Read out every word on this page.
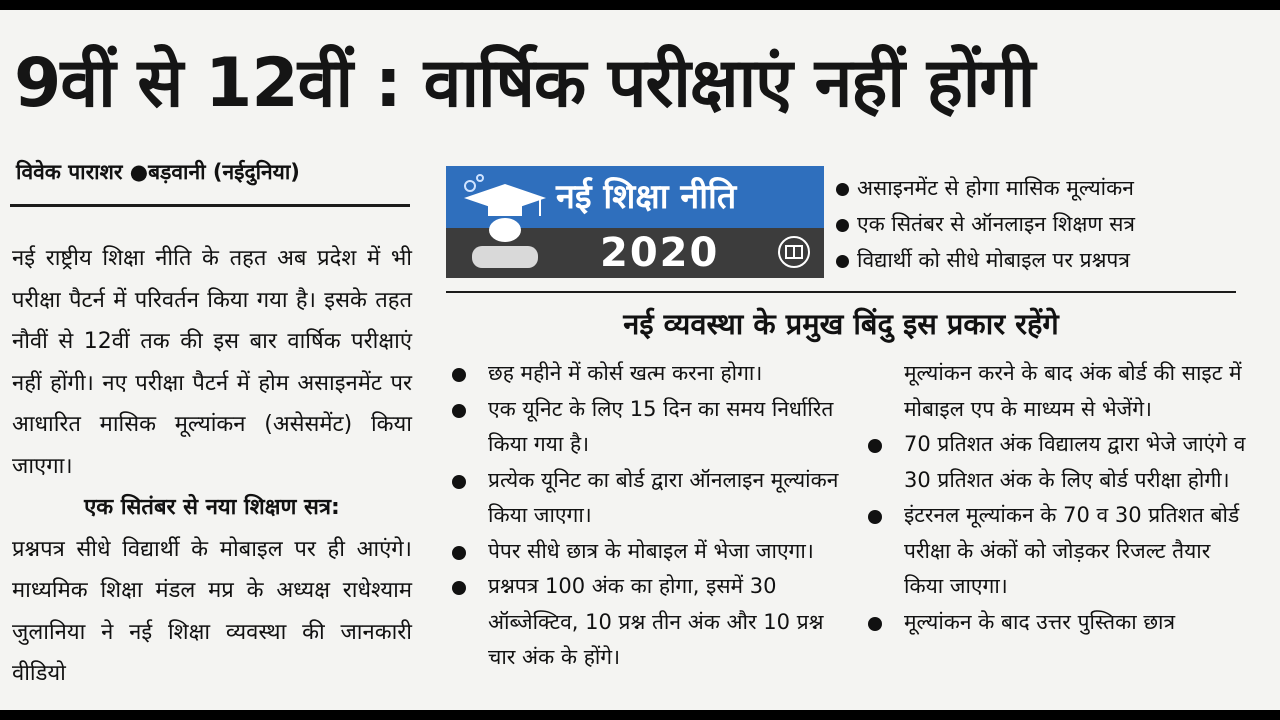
9वीं से 12वीं : वार्षिक परीक्षाएं नहीं होंगी
विवेक पाराशर ●बड़वानी (नईदुनिया)

नई राष्ट्रीय शिक्षा नीति के तहत अब प्रदेश में भी परीक्षा पैटर्न में परिवर्तन किया गया है। इसके तहत नौवीं से 12वीं तक की इस बार वार्षिक परीक्षाएं नहीं होंगी। नए परीक्षा पैटर्न में होम असाइनमेंट पर आधारित मासिक मूल्यांकन (असेसमेंट) किया जाएगा।

एक सितंबर से नया शिक्षण सत्र:

प्रश्नपत्र सीधे विद्यार्थी के मोबाइल पर ही आएंगे। माध्यमिक शिक्षा मंडल मप्र के अध्यक्ष राधेश्याम जुलानिया ने नई शिक्षा व्यवस्था की जानकारी वीडियो

नई शिक्षा नीति
2020
असाइनमेंट से होगा मासिक मूल्यांकन
एक सितंबर से ऑनलाइन शिक्षण सत्र
विद्यार्थी को सीधे मोबाइल पर प्रश्नपत्र
नई व्यवस्था के प्रमुख बिंदु इस प्रकार रहेंगे
छह महीने में कोर्स खत्म करना होगा।
एक यूनिट के लिए 15 दिन का समय निर्धारित किया गया है।
प्रत्येक यूनिट का बोर्ड द्वारा ऑनलाइन मूल्यांकन किया जाएगा।
पेपर सीधे छात्र के मोबाइल में भेजा जाएगा।
प्रश्नपत्र 100 अंक का होगा, इसमें 30 ऑब्जेक्टिव, 10 प्रश्न तीन अंक और 10 प्रश्न चार अंक के होंगे।
मूल्यांकन करने के बाद अंक बोर्ड की साइट में मोबाइल एप के माध्यम से भेजेंगे।
70 प्रतिशत अंक विद्यालय द्वारा भेजे जाएंगे व 30 प्रतिशत अंक के लिए बोर्ड परीक्षा होगी।
इंटरनल मूल्यांकन के 70 व 30 प्रतिशत बोर्ड परीक्षा के अंकों को जोड़कर रिजल्ट तैयार किया जाएगा।
मूल्यांकन के बाद उत्तर पुस्तिका छात्र
